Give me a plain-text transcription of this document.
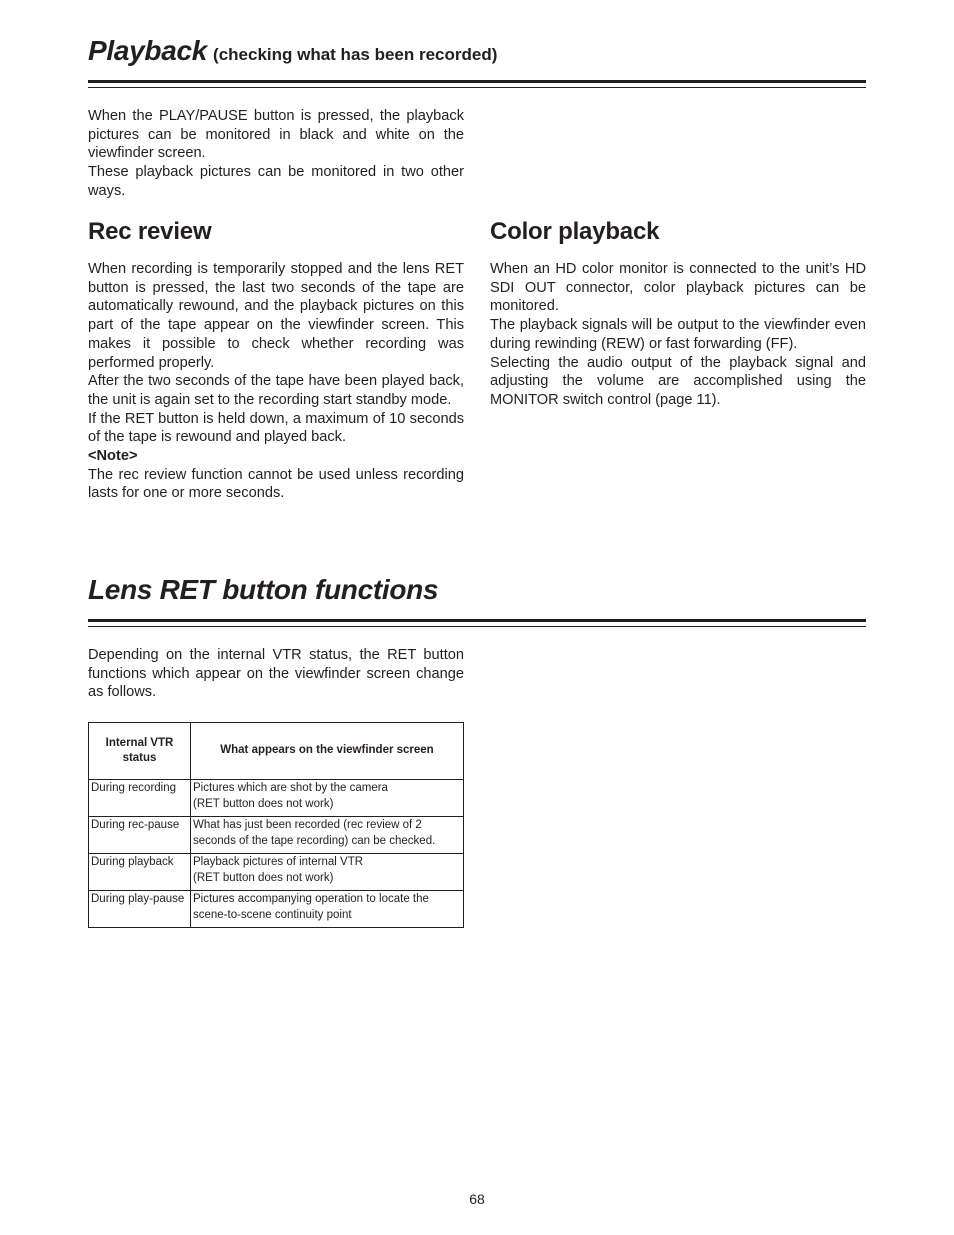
Playback (checking what has been recorded)

When the PLAY/PAUSE button is pressed, the playback pictures can be monitored in black and white on the viewfinder screen.

These playback pictures can be monitored in two other ways.

Rec review

When recording is temporarily stopped and the lens RET button is pressed, the last two seconds of the tape are automatically rewound, and the playback pictures on this part of the tape appear on the viewfinder screen. This makes it possible to check whether recording was performed properly.

After the two seconds of the tape have been played back, the unit is again set to the recording start standby mode.

If the RET button is held down, a maximum of 10 seconds of the tape is rewound and played back.

<Note>

The rec review function cannot be used unless recording lasts for one or more seconds.

Color playback

When an HD color monitor is connected to the unit’s HD SDI OUT connector, color playback pictures can be monitored.

The playback signals will be output to the viewfinder even during rewinding (REW) or fast forwarding (FF).

Selecting the audio output of the playback signal and adjusting the volume are accomplished using the MONITOR switch control (page 11).

Lens RET button functions

Depending on the internal VTR status, the RET button functions which appear on the viewfinder screen change as follows.

Internal VTR status	What appears on the viewfinder screen
During recording	Pictures which are shot by the camera
(RET button does not work)

During rec-pause	What has just been recorded (rec review of 2
seconds of the tape recording) can be checked.

During playback	Playback pictures of internal VTR
(RET button does not work)

During play-pause	Pictures accompanying operation to locate the
scene-to-scene continuity point
68
